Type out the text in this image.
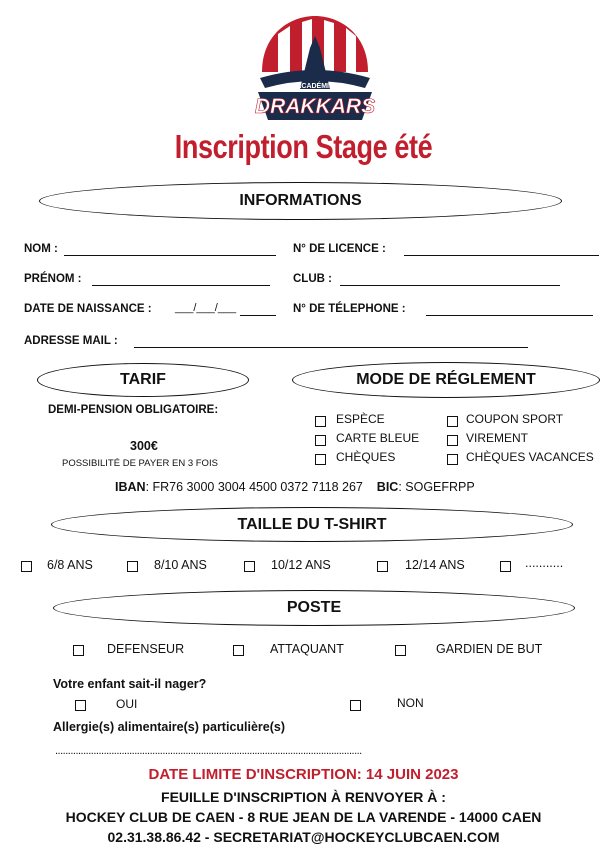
ACADÉMIE
DRAKKARS
Inscription Stage été
INFORMATIONS
NOM :	N° DE LICENCE :
PRÉNOM :	CLUB :
DATE DE NAISSANCE : ___/___/___	N° DE TÉLEPHONE :
ADRESSE MAIL :
TARIF	MODE DE RÉGLEMENT
DEMI-PENSION OBLIGATOIRE:
300€
POSSIBILITÉ DE PAYER EN 3 FOIS
ESPÈCE
CARTE BLEUE
CHÈQUES
COUPON SPORT
VIREMENT
CHÈQUES VACANCES
IBAN: FR76 3000 3004 4500 0372 7118 267 BIC: SOGEFRPP
TAILLE DU T-SHIRT
6/8 ANS	8/10 ANS	10/12 ANS	12/14 ANS	...........
POSTE
DEFENSEUR	ATTAQUANT	GARDIEN DE BUT
Votre enfant sait-il nager?
OUI	NON
Allergie(s) alimentaire(s) particulière(s)
........................................................................................................................
DATE LIMITE D'INSCRIPTION: 14 JUIN 2023
FEUILLE D'INSCRIPTION À RENVOYER À :
HOCKEY CLUB DE CAEN - 8 RUE JEAN DE LA VARENDE - 14000 CAEN
02.31.38.86.42 - SECRETARIAT@HOCKEYCLUBCAEN.COM
